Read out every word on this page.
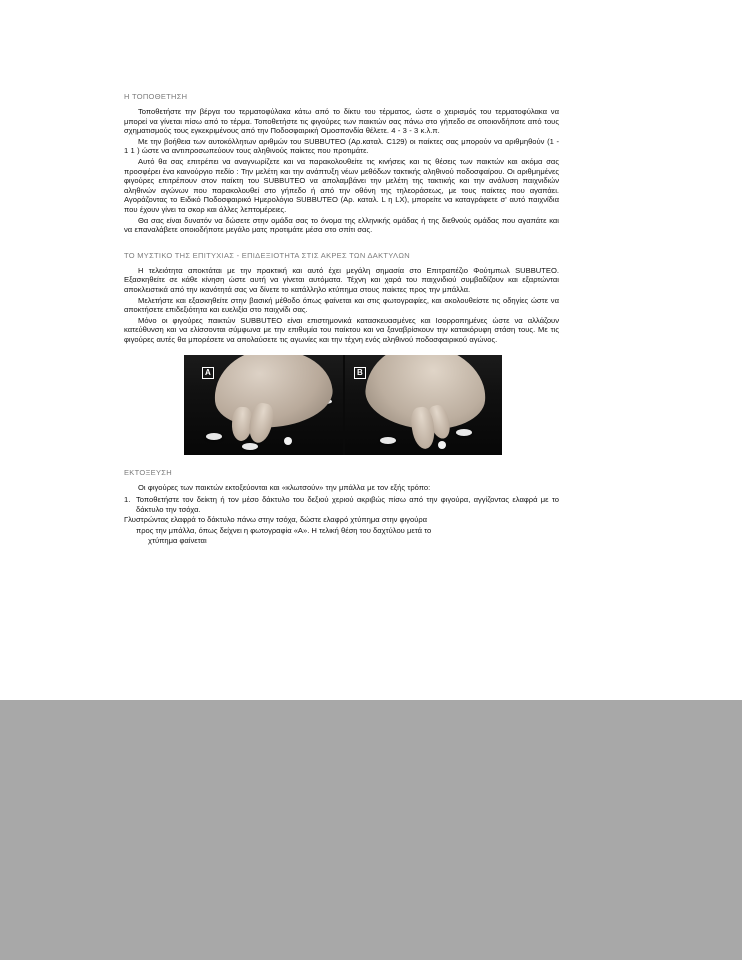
Η ΤΟΠΟΘΕΤΗΣΗ

Τοποθετήστε την βέργα του τερματοφύλακα κάτω από το δίκτυ του τέρματος, ώστε ο χειρισμός του τερματοφύλακα να μπορεί να γίνεται πίσω από το τέρμα. Τοποθετήστε τις φιγούρες των παικτών σας πάνω στο γήπεδο σε οποιονδήποτε από τους σχηματισμούς τους εγκεκριμένους από την Ποδοσφαιρική Ομοσπονδία θέλετε. 4 - 3 - 3 κ.λ.π.

Με την βοήθεια των αυτοκόλλητων αριθμών του SUBBUTEO (Αρ.καταλ. C129) οι παίκτες σας μπορούν να αριθμηθούν (1 - 1 1 ) ώστε να αντιπροσωπεύουν τους αληθινούς παίκτες που προτιμάτε.

Αυτό θα σας επιτρέπει να αναγνωρίζετε και να παρακολουθείτε τις κινήσεις και τις θέσεις των παικτών και ακόμα σας προσφέρει ένα καινούργιο πεδίο : Την μελέτη και την ανάπτυξη νέων μεθόδων τακτικής αληθινού ποδοσφαίρου. Οι αριθμημένες φιγούρες επιτρέπουν στον παίκτη του SUBBUTEO να απολαμβάνει την μελέτη της τακτικής και την ανάλυση παιχνιδιών αληθινών αγώνων που παρακολουθεί στο γήπεδο ή από την οθόνη της τηλεοράσεως, με τους παίκτες που αγαπάει. Αγοράζοντας το Ειδικό Ποδοσφαιρικό Ημερολόγιο SUBBUTEO (Αρ. καταλ. L η LX), μπορείτε να καταγράφετε σ' αυτό παιχνίδια που έχουν γίνει τα σκορ και άλλες λεπτομέρειες.

Θα σας είναι δυνατόν να δώσετε στην ομάδα σας το όνομα της ελληνικής ομάδας ή της διεθνούς ομάδας που αγαπάτε και να επαναλάβετε οποιοδήποτε μεγάλο ματς προτιμάτε μέσα στο σπίτι σας.

ΤΟ ΜΥΣΤΙΚΟ ΤΗΣ ΕΠΙΤΥΧΙΑΣ - ΕΠΙΔΕΞΙΟΤΗΤΑ ΣΤΙΣ ΑΚΡΕΣ ΤΩΝ ΔΑΚΤΥΛΩΝ

Η τελειότητα αποκτάται με την πρακτική και αυτό έχει μεγάλη σημασία στο Επιτραπέζιο Φούτμπωλ SUBBUTEO. Εξασκηθείτε σε κάθε κίνηση ώστε αυτή να γίνεται αυτόματα. Τέχνη και χαρά του παιχνιδιού συμβαδίζουν και εξαρτώνται αποκλειστικά από την ικανότητά σας να δίνετε το κατάλληλο κτύπημα στους παίκτες προς την μπάλλα.

Μελετήστε και εξασκηθείτε στην βασική μέθοδο όπως φαίνεται και στις φωτογραφίες, και ακολουθείστε τις οδηγίες ώστε να αποκτήσετε επιδεξιότητα και ευελιξία στο παιχνίδι σας.

Μόνο οι φιγούρες παικτών SUBBUTEO είναι επιστημονικά κατασκευασμένες και Ισορροπημένες ώστε να αλλάζουν κατεύθυνση και να ελίσσονται σύμφωνα με την επιθυμία του παίκτου και να ξαναβρίσκουν την κατακόρυφη στάση τους. Με τις φιγούρες αυτές θα μπορέσετε να απολαύσετε τις αγωνίες και την τέχνη ενός αληθινού ποδοσφαιρικού αγώνος.

A	B
ΕΚΤΟΞΕΥΣΗ

Οι φιγούρες των παικτών εκτοξεύονται και «κλωτσούν» την μπάλλα με τον εξής τρόπο:

1. Τοποθετήστε τον δείκτη ή τον μέσο δάκτυλο του δεξιού χεριού ακριβώς πίσω από την φιγούρα, αγγίζοντας ελαφρά με το δάκτυλο την τσόχα.

Γλυστρώντας ελαφρά το δάκτυλο πάνω στην τσόχα, δώστε ελαφρό χτύπημα στην φιγούρα

προς την μπάλλα, όπως δείχνει η φωτογραφία «Α». Η τελική θέση του δαχτύλου μετά το

χτύπημα φαίνεται
